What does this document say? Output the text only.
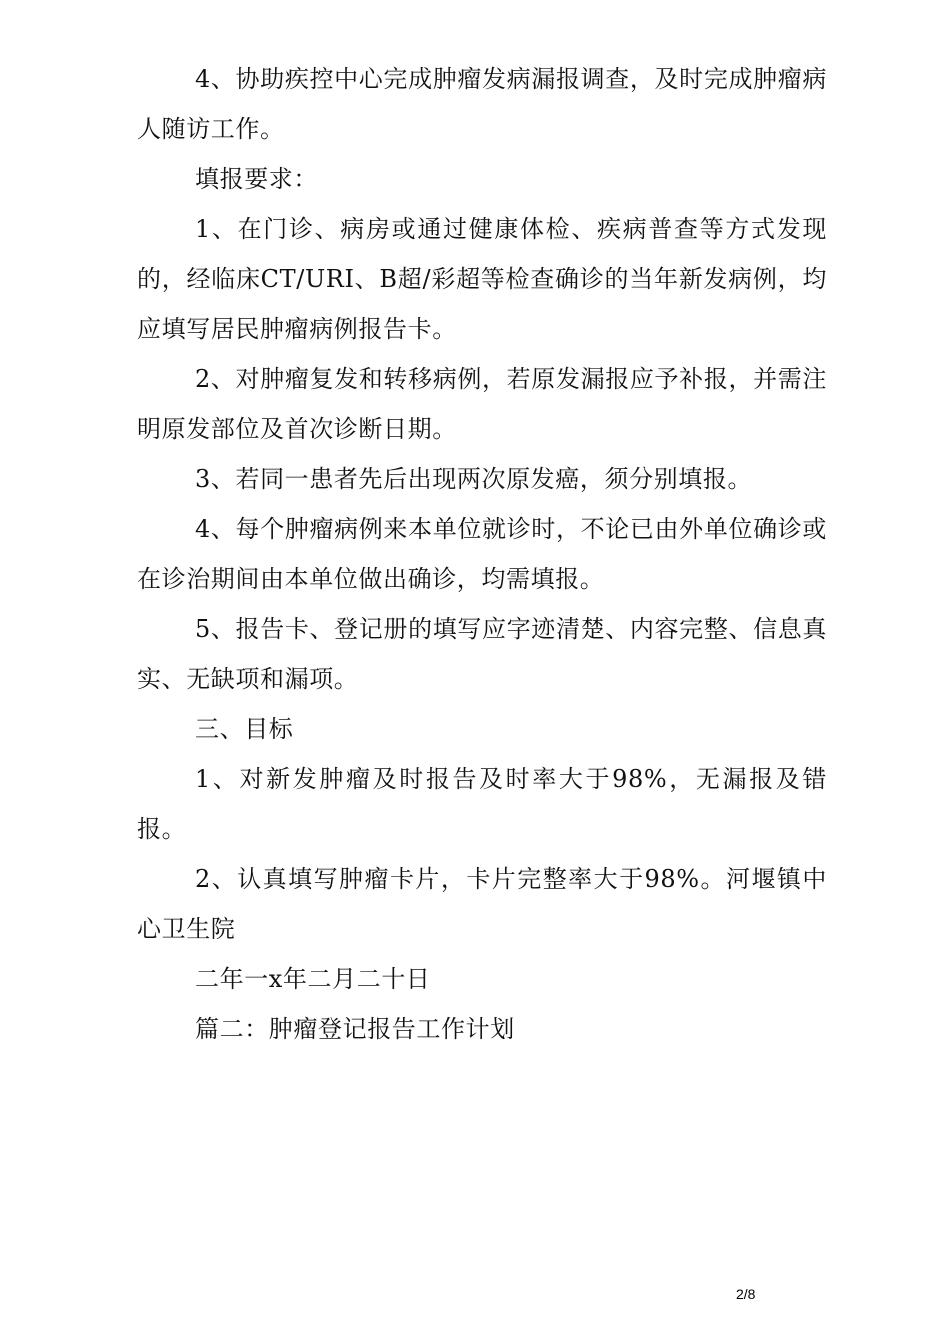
4、协助疾控中心完成肿瘤发病漏报调查，及时完成肿瘤病人随访工作。

填报要求：

1、在门诊、病房或通过健康体检、疾病普查等方式发现的，经临床CT/URI、B超/彩超等检查确诊的当年新发病例，均应填写居民肿瘤病例报告卡。

2、对肿瘤复发和转移病例，若原发漏报应予补报，并需注明原发部位及首次诊断日期。

3、若同一患者先后出现两次原发癌，须分别填报。

4、每个肿瘤病例来本单位就诊时，不论已由外单位确诊或在诊治期间由本单位做出确诊，均需填报。

5、报告卡、登记册的填写应字迹清楚、内容完整、信息真实、无缺项和漏项。

三、目标

1、对新发肿瘤及时报告及时率大于98%，无漏报及错报。

2、认真填写肿瘤卡片，卡片完整率大于98%。河堰镇中心卫生院

二年一x年二月二十日

篇二：肿瘤登记报告工作计划

2/8
